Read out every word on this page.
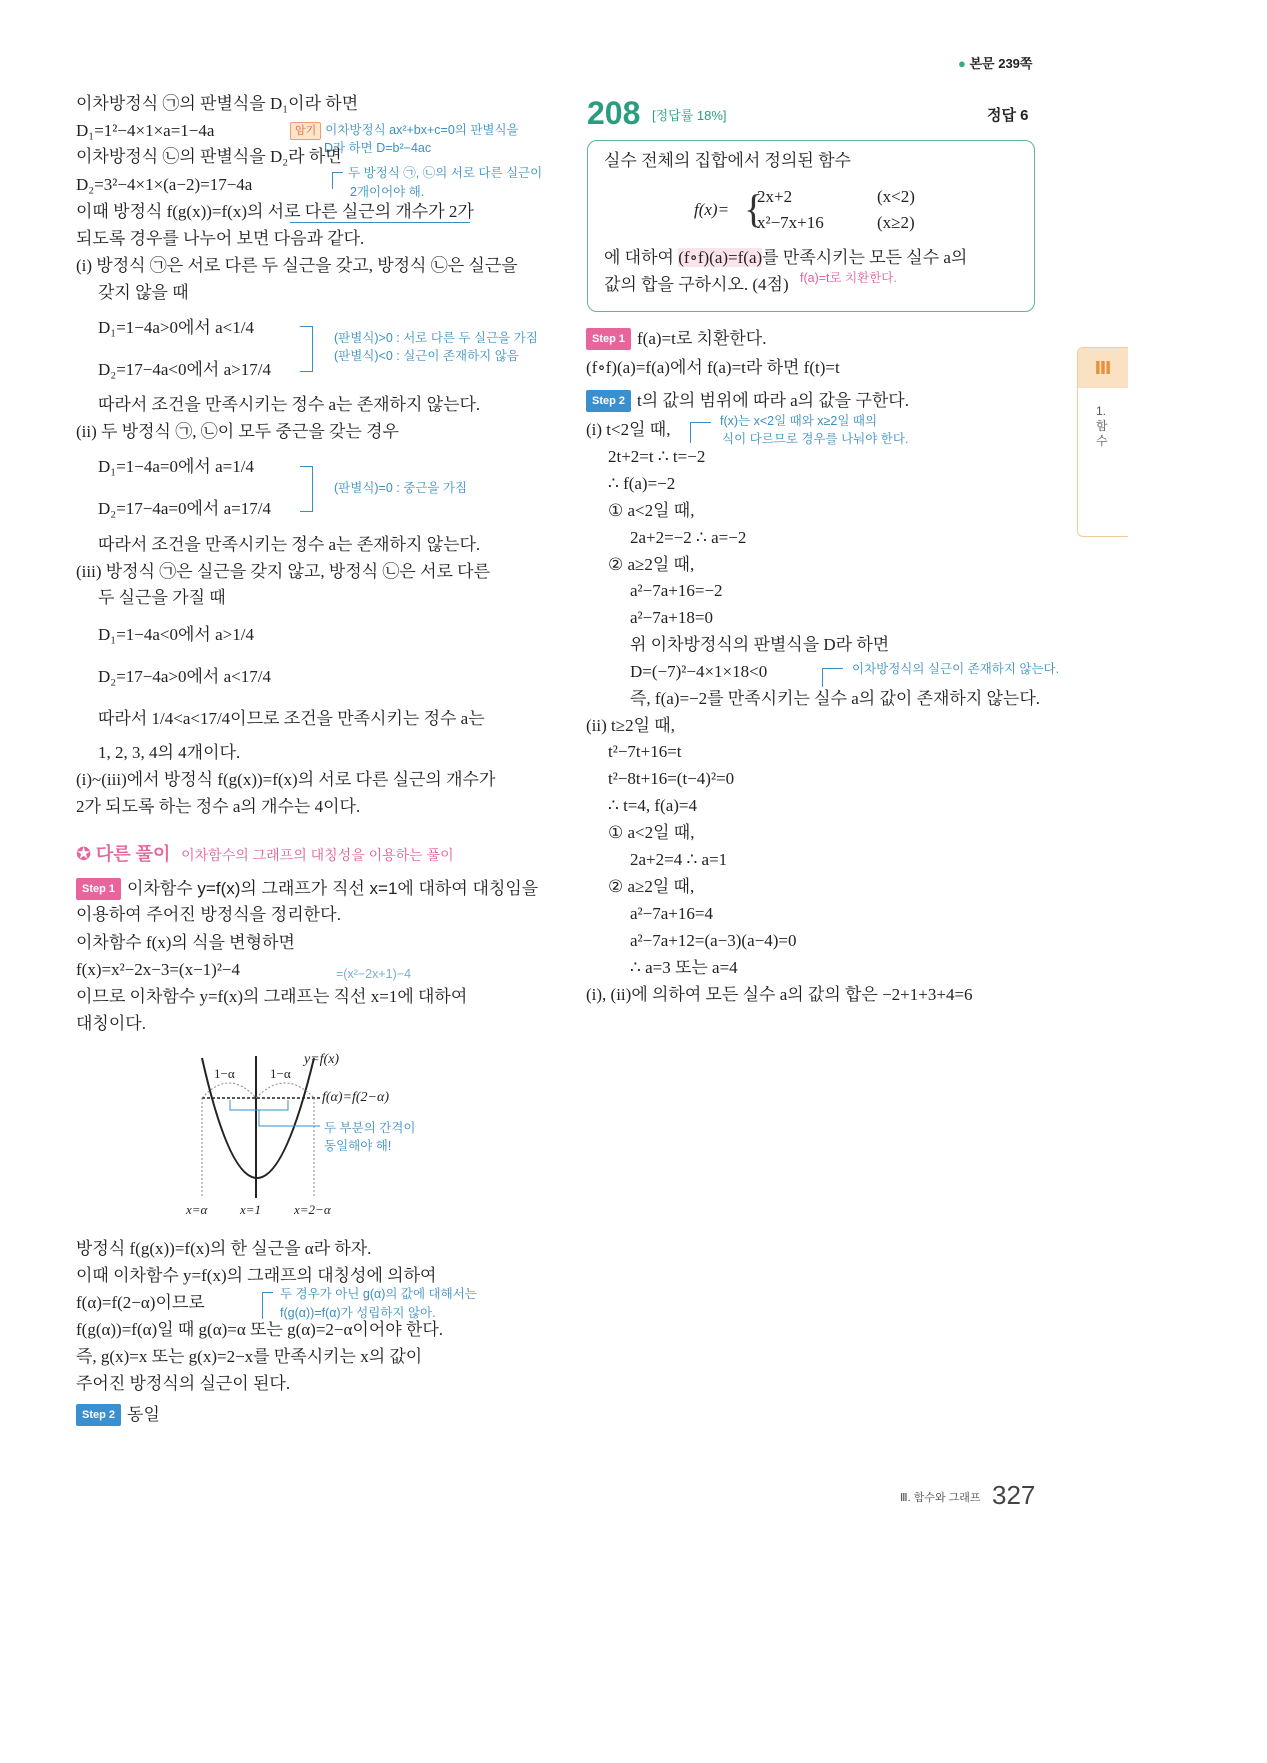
● 본문 239쪽
이차방정식 ㉠의 판별식을 D₁이라 하면
D₁=1²−4×1×a=1−4a	암기 이차방정식 ax²+bx+c=0의 판별식을
D라 하면 D=b²−4ac
이차방정식 ㉡의 판별식을 D₂라 하면
D₂=3²−4×1×(a−2)=17−4a
두 방정식 ㉠, ㉡의 서로 다른 실근이
2개이어야 해.
이때 방정식 f(g(x))=f(x)의 서로 다른 실근의 개수가 2가
되도록 경우를 나누어 보면 다음과 같다.
(i) 방정식 ㉠은 서로 다른 두 실근을 갖고, 방정식 ㉡은 실근을
갖지 않을 때
D₁=1−4a>0에서 a<1/4
D₂=17−4a<0에서 a>17/4
(판별식)>0 : 서로 다른 두 실근을 가짐
(판별식)<0 : 실근이 존재하지 않음
따라서 조건을 만족시키는 정수 a는 존재하지 않는다.
(ii) 두 방정식 ㉠, ㉡이 모두 중근을 갖는 경우
D₁=1−4a=0에서 a=1/4
D₂=17−4a=0에서 a=17/4
(판별식)=0 : 중근을 가짐
따라서 조건을 만족시키는 정수 a는 존재하지 않는다.
(iii) 방정식 ㉠은 실근을 갖지 않고, 방정식 ㉡은 서로 다른
두 실근을 가질 때
D₁=1−4a<0에서 a>1/4
D₂=17−4a>0에서 a<17/4
따라서 1/4<a<17/4이므로 조건을 만족시키는 정수 a는
1, 2, 3, 4의 4개이다.
(i)~(iii)에서 방정식 f(g(x))=f(x)의 서로 다른 실근의 개수가
2가 되도록 하는 정수 a의 개수는 4이다.
✪ 다른 풀이 이차함수의 그래프의 대칭성을 이용하는 풀이
Step 1 이차함수 y=f(x)의 그래프가 직선 x=1에 대하여 대칭임을
이용하여 주어진 방정식을 정리한다.
이차함수 f(x)의 식을 변형하면
f(x)=x²−2x−3=(x−1)²−4	=(x²−2x+1)−4
이므로 이차함수 y=f(x)의 그래프는 직선 x=1에 대하여
대칭이다.
y=f(x)
1−α	1−α
f(α)=f(2−α)
두 부분의 간격이
동일해야 해!
x=α	x=1	x=2−α
방정식 f(g(x))=f(x)의 한 실근을 α라 하자.
이때 이차함수 y=f(x)의 그래프의 대칭성에 의하여
f(α)=f(2−α)이므로	두 경우가 아닌 g(α)의 값에 대해서는
f(g(α))=f(α)가 성립하지 않아.
f(g(α))=f(α)일 때 g(α)=α 또는 g(α)=2−α이어야 한다.
즉, g(x)=x 또는 g(x)=2−x를 만족시키는 x의 값이
주어진 방정식의 실근이 된다.
Step 2 동일
208 [정답률 18%]	정답 6
실수 전체의 집합에서 정의된 함수
f(x)= {
2x+2	(x<2)
x²−7x+16	(x≥2)
에 대하여 (f∘f)(a)=f(a)를 만족시키는 모든 실수 a의
값의 합을 구하시오. (4점) f(a)=t로 치환한다.
Step 1 f(a)=t로 치환한다.
(f∘f)(a)=f(a)에서 f(a)=t라 하면 f(t)=t
Step 2 t의 값의 범위에 따라 a의 값을 구한다.
(i) t<2일 때,	f(x)는 x<2일 때와 x≥2일 때의
식이 다르므로 경우를 나눠야 한다.
2t+2=t ∴ t=−2
∴ f(a)=−2
① a<2일 때,
2a+2=−2 ∴ a=−2
② a≥2일 때,
a²−7a+16=−2
a²−7a+18=0
위 이차방정식의 판별식을 D라 하면
D=(−7)²−4×1×18<0	이차방정식의 실근이 존재하지 않는다.
즉, f(a)=−2를 만족시키는 실수 a의 값이 존재하지 않는다.
(ii) t≥2일 때,
t²−7t+16=t
t²−8t+16=(t−4)²=0
∴ t=4, f(a)=4
① a<2일 때,
2a+2=4 ∴ a=1
② a≥2일 때,
a²−7a+16=4
a²−7a+12=(a−3)(a−4)=0
∴ a=3 또는 a=4
(i), (ii)에 의하여 모든 실수 a의 값의 합은 −2+1+3+4=6
Ⅲ
1. 함수
Ⅲ. 함수와 그래프 327
